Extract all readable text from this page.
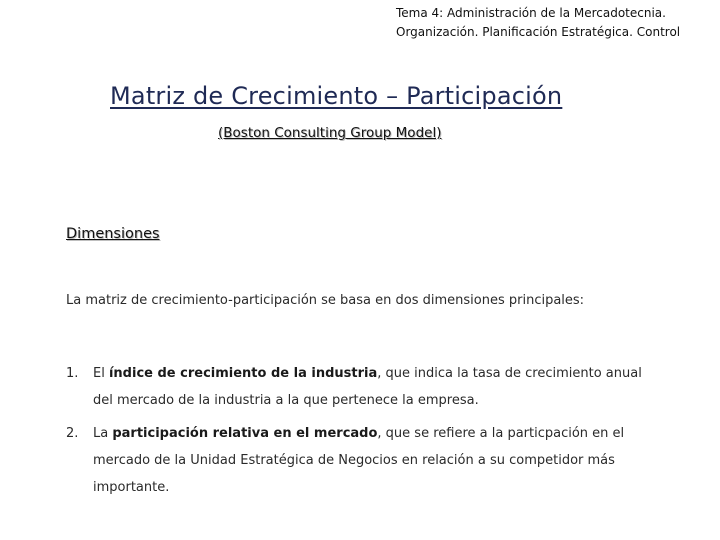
Tema 4: Administración de la Mercadotecnia.
Organización. Planificación Estratégica. Control
Matriz de Crecimiento – Participación
(Boston Consulting Group Model)
Dimensiones
La matriz de crecimiento-participación se basa en dos dimensiones principales:
1. El índice de crecimiento de la industria, que indica la tasa de crecimiento anual del mercado de la industria a la que pertenece la empresa.
2. La participación relativa en el mercado, que se refiere a la particpación en el mercado de la Unidad Estratégica de Negocios en relación a su competidor más importante.
